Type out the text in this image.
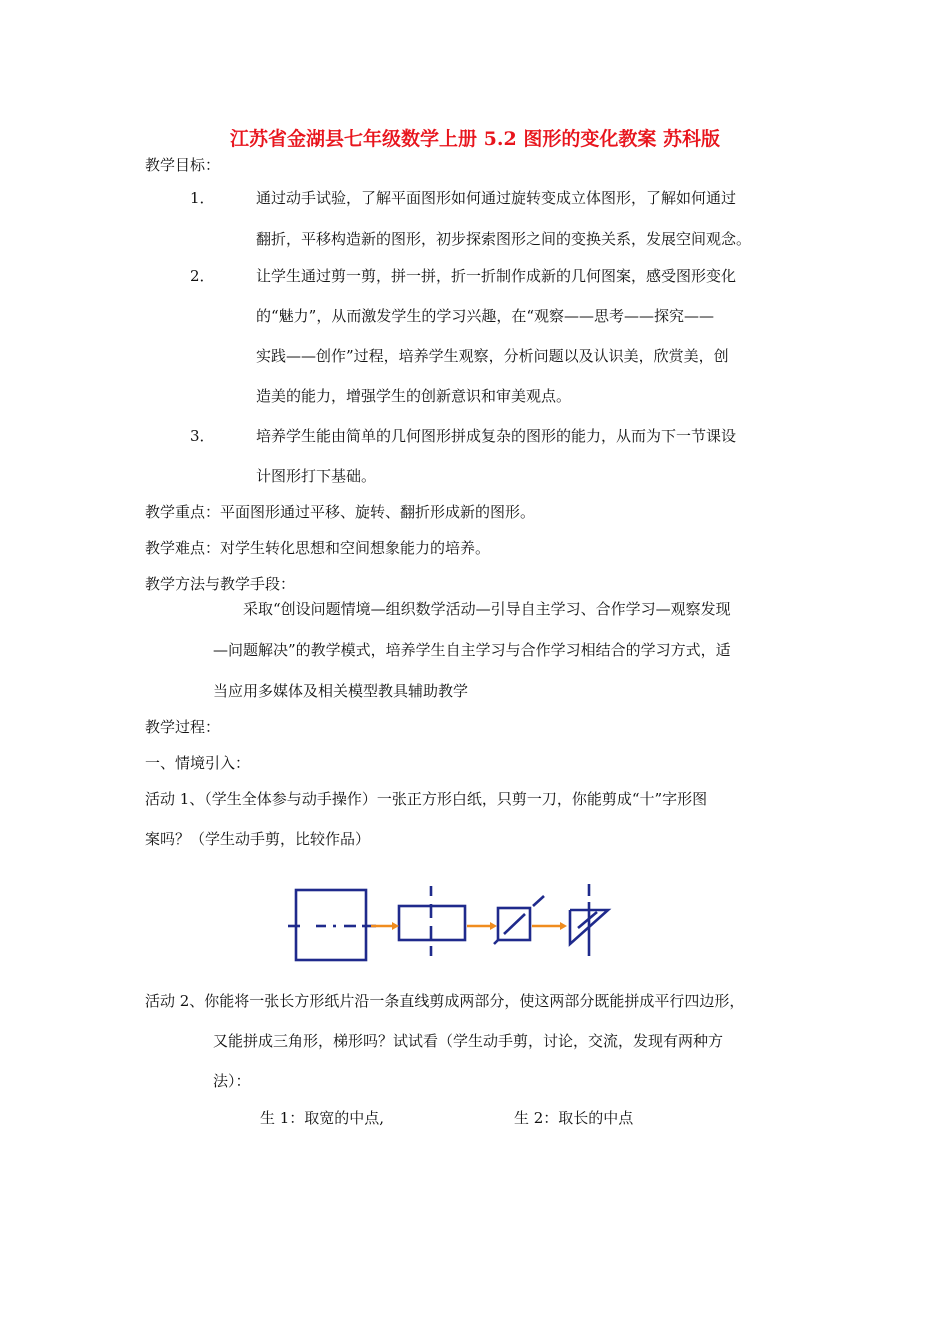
江苏省金湖县七年级数学上册 5.2 图形的变化教案 苏科版
教学目标：
1．	通过动手试验，了解平面图形如何通过旋转变成立体图形，了解如何通过
翻折，平移构造新的图形，初步探索图形之间的变换关系，发展空间观念。
2．	让学生通过剪一剪，拼一拼，折一折制作成新的几何图案，感受图形变化
的“魅力”，从而激发学生的学习兴趣，在“观察——思考——探究——
实践——创作”过程，培养学生观察，分析问题以及认识美，欣赏美，创
造美的能力，增强学生的创新意识和审美观点。
3．	培养学生能由简单的几何图形拼成复杂的图形的能力，从而为下一节课设
计图形打下基础。
教学重点：平面图形通过平移、旋转、翻折形成新的图形。
教学难点：对学生转化思想和空间想象能力的培养。
教学方法与教学手段：
采取“创设问题情境—组织数学活动—引导自主学习、合作学习—观察发现
—问题解决”的教学模式，培养学生自主学习与合作学习相结合的学习方式，适
当应用多媒体及相关模型教具辅助教学
教学过程：
一、情境引入：
活动 1、（学生全体参与动手操作）一张正方形白纸，只剪一刀，你能剪成“十”字形图
案吗？（学生动手剪，比较作品）
活动 2、你能将一张长方形纸片沿一条直线剪成两部分，使这两部分既能拼成平行四边形，
又能拼成三角形，梯形吗？试试看（学生动手剪，讨论，交流，发现有两种方
法）：
生 1：取宽的中点,	生 2：取长的中点
